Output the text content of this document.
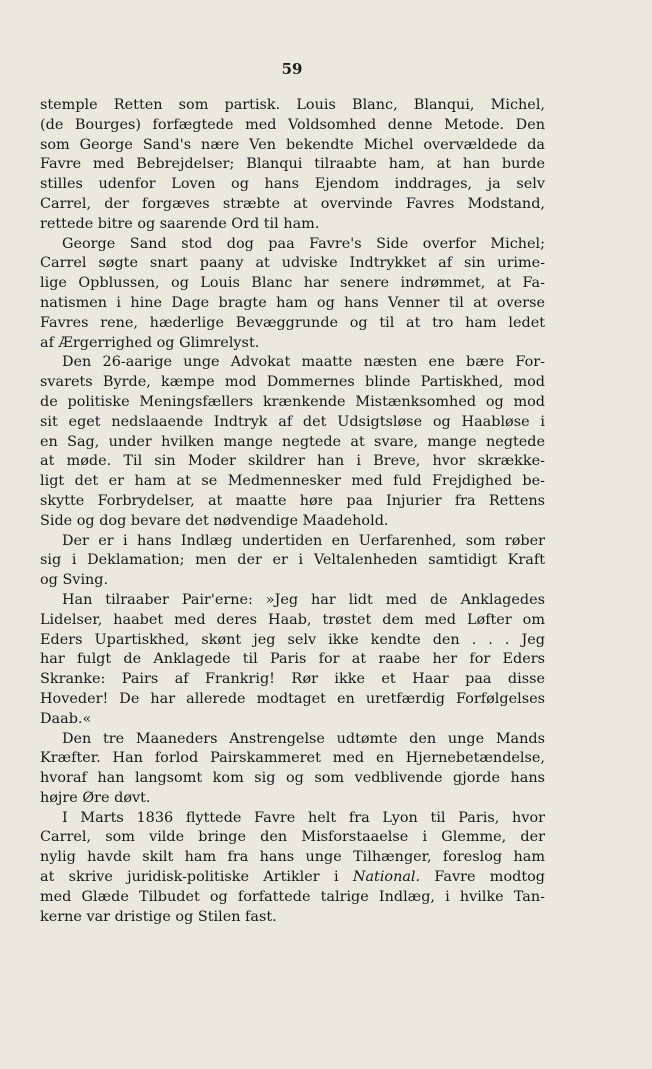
59
stemple Retten som partisk. Louis Blanc, Blanqui, Michel,
(de Bourges) forfægtede med Voldsomhed denne Metode. Den
som George Sand's nære Ven bekendte Michel overvældede da
Favre med Bebrejdelser; Blanqui tilraabte ham, at han burde
stilles udenfor Loven og hans Ejendom inddrages, ja selv
Carrel, der forgæves stræbte at overvinde Favres Modstand,
rettede bitre og saarende Ord til ham.
George Sand stod dog paa Favre's Side overfor Michel;
Carrel søgte snart paany at udviske Indtrykket af sin urime-
lige Opblussen, og Louis Blanc har senere indrømmet, at Fa-
natismen i hine Dage bragte ham og hans Venner til at overse
Favres rene, hæderlige Bevæggrunde og til at tro ham ledet
af Ærgerrighed og Glimrelyst.
Den 26-aarige unge Advokat maatte næsten ene bære For-
svarets Byrde, kæmpe mod Dommernes blinde Partiskhed, mod
de politiske Meningsfællers krænkende Mistænksomhed og mod
sit eget nedslaaende Indtryk af det Udsigtsløse og Haabløse i
en Sag, under hvilken mange negtede at svare, mange negtede
at møde. Til sin Moder skildrer han i Breve, hvor skrække-
ligt det er ham at se Medmennesker med fuld Frejdighed be-
skytte Forbrydelser, at maatte høre paa Injurier fra Rettens
Side og dog bevare det nødvendige Maadehold.
Der er i hans Indlæg undertiden en Uerfarenhed, som røber
sig i Deklamation; men der er i Veltalenheden samtidigt Kraft
og Sving.
Han tilraaber Pair'erne: »Jeg har lidt med de Anklagedes
Lidelser, haabet med deres Haab, trøstet dem med Løfter om
Eders Upartiskhed, skønt jeg selv ikke kendte den . . . Jeg
har fulgt de Anklagede til Paris for at raabe her for Eders
Skranke: Pairs af Frankrig! Rør ikke et Haar paa disse
Hoveder! De har allerede modtaget en uretfærdig Forfølgelses
Daab.«
Den tre Maaneders Anstrengelse udtømte den unge Mands
Kræfter. Han forlod Pairskammeret med en Hjernebetændelse,
hvoraf han langsomt kom sig og som vedblivende gjorde hans
højre Øre døvt.
I Marts 1836 flyttede Favre helt fra Lyon til Paris, hvor
Carrel, som vilde bringe den Misforstaaelse i Glemme, der
nylig havde skilt ham fra hans unge Tilhænger, foreslog ham
at skrive juridisk-politiske Artikler i National. Favre modtog
med Glæde Tilbudet og forfattede talrige Indlæg, i hvilke Tan-
kerne var dristige og Stilen fast.
